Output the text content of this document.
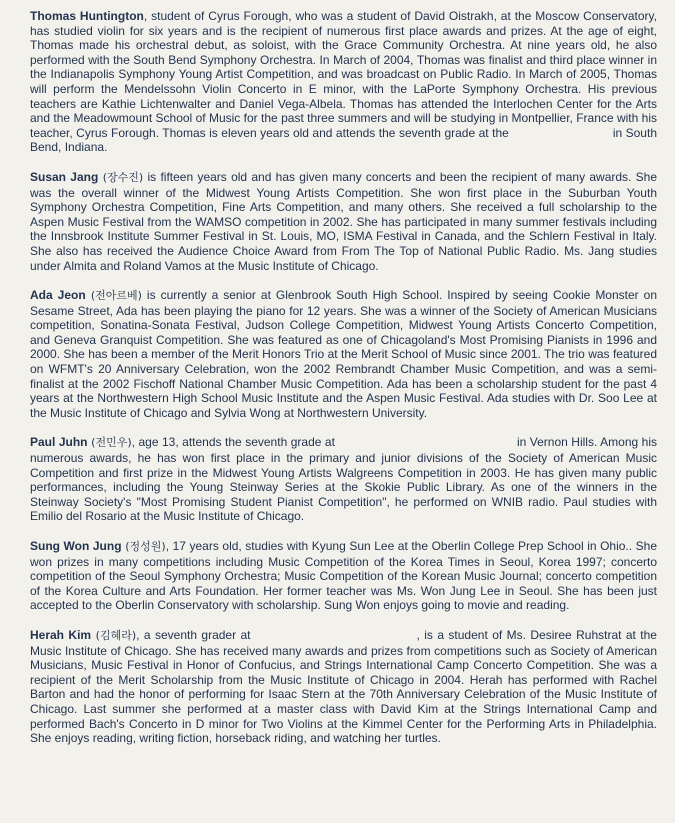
Thomas Huntington, student of Cyrus Forough, who was a student of David Oistrakh, at the Moscow Conservatory, has studied violin for six years and is the recipient of numerous first place awards and prizes. At the age of eight, Thomas made his orchestral debut, as soloist, with the Grace Community Orchestra. At nine years old, he also performed with the South Bend Symphony Orchestra. In March of 2004, Thomas was finalist and third place winner in the Indianapolis Symphony Young Artist Competition, and was broadcast on Public Radio. In March of 2005, Thomas will perform the Mendelssohn Violin Concerto in E minor, with the LaPorte Symphony Orchestra. His previous teachers are Kathie Lichtenwalter and Daniel Vega-Albela. Thomas has attended the Interlochen Center for the Arts and the Meadowmount School of Music for the past three summers and will be studying in Montpellier, France with his teacher, Cyrus Forough. Thomas is eleven years old and attends the seventh grade at the	in South Bend, Indiana.

Susan Jang (장수진) is fifteen years old and has given many concerts and been the recipient of many awards. She was the overall winner of the Midwest Young Artists Competition. She won first place in the Suburban Youth Symphony Orchestra Competition, Fine Arts Competition, and many others. She received a full scholarship to the Aspen Music Festival from the WAMSO competition in 2002. She has participated in many summer festivals including the Innsbrook Institute Summer Festival in St. Louis, MO, ISMA Festival in Canada, and the Schlern Festival in Italy. She also has received the Audience Choice Award from From The Top of National Public Radio. Ms. Jang studies under Almita and Roland Vamos at the Music Institute of Chicago.

Ada Jeon (전아르베) is currently a senior at Glenbrook South High School. Inspired by seeing Cookie Monster on Sesame Street, Ada has been playing the piano for 12 years. She was a winner of the Society of American Musicians competition, Sonatina-Sonata Festival, Judson College Competition, Midwest Young Artists Concerto Competition, and Geneva Granquist Competition. She was featured as one of Chicagoland's Most Promising Pianists in 1996 and 2000. She has been a member of the Merit Honors Trio at the Merit School of Music since 2001. The trio was featured on WFMT's 20 Anniversary Celebration, won the 2002 Rembrandt Chamber Music Competition, and was a semi-finalist at the 2002 Fischoff National Chamber Music Competition. Ada has been a scholarship student for the past 4 years at the Northwestern High School Music Institute and the Aspen Music Festival. Ada studies with Dr. Soo Lee at the Music Institute of Chicago and Sylvia Wong at Northwestern University.

Paul Juhn (전민우), age 13, attends the seventh grade at	in Vernon Hills. Among his numerous awards, he has won first place in the primary and junior divisions of the Society of American Music Competition and first prize in the Midwest Young Artists Walgreens Competition in 2003. He has given many public performances, including the Young Steinway Series at the Skokie Public Library. As one of the winners in the Steinway Society's "Most Promising Student Pianist Competition", he performed on WNIB radio. Paul studies with Emilio del Rosario at the Music Institute of Chicago.

Sung Won Jung (정성원), 17 years old, studies with Kyung Sun Lee at the Oberlin College Prep School in Ohio.. She won prizes in many competitions including Music Competition of the Korea Times in Seoul, Korea 1997; concerto competition of the Seoul Symphony Orchestra; Music Competition of the Korean Music Journal; concerto competition of the Korea Culture and Arts Foundation. Her former teacher was Ms. Won Jung Lee in Seoul. She has been just accepted to the Oberlin Conservatory with scholarship. Sung Won enjoys going to movie and reading.

Herah Kim (김혜라), a seventh grader at	, is a student of Ms. Desiree Ruhstrat at the Music Institute of Chicago. She has received many awards and prizes from competitions such as Society of American Musicians, Music Festival in Honor of Confucius, and Strings International Camp Concerto Competition. She was a recipient of the Merit Scholarship from the Music Institute of Chicago in 2004. Herah has performed with Rachel Barton and had the honor of performing for Isaac Stern at the 70th Anniversary Celebration of the Music Institute of Chicago. Last summer she performed at a master class with David Kim at the Strings International Camp and performed Bach's Concerto in D minor for Two Violins at the Kimmel Center for the Performing Arts in Philadelphia. She enjoys reading, writing fiction, horseback riding, and watching her turtles.
